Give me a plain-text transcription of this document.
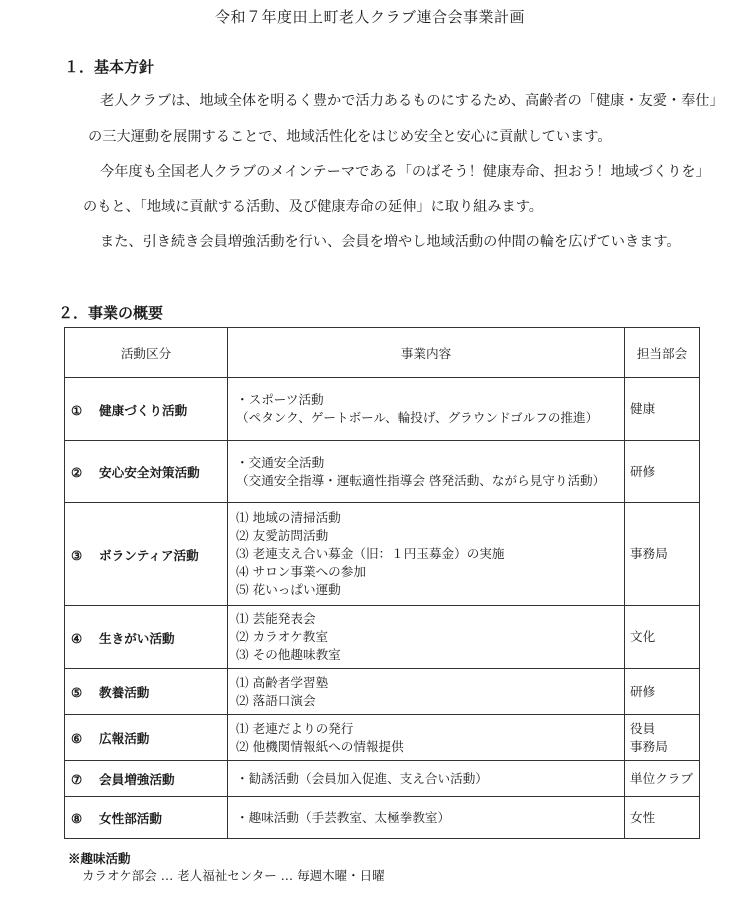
令和７年度田上町老人クラブ連合会事業計画
１．基本方針
老人クラブは、地域全体を明るく豊かで活力あるものにするため、高齢者の「健康・友愛・奉仕」
の三大運動を展開することで、地域活性化をはじめ安全と安心に貢献しています。
今年度も全国老人クラブのメインテーマである「のばそう！健康寿命、担おう！地域づくりを」
のもと、「地域に貢献する活動、及び健康寿命の延伸」に取り組みます。
また、引き続き会員増強活動を行い、会員を増やし地域活動の仲間の輪を広げていきます。
２．事業の概要
活動区分	事業内容	担当部会
① 健康づくり活動	・スポーツ活動
（ペタンク、ゲートボール、輪投げ、グラウンドゴルフの推進）	健康

② 安心安全対策活動	・交通安全活動
（交通安全指導・運転適性指導会 啓発活動、ながら見守り活動）	研修

③ ボランティア活動	⑴ 地域の清掃活動
⑵ 友愛訪問活動
⑶ 老連支え合い募金（旧：１円玉募金）の実施
⑷ サロン事業への参加
⑸ 花いっぱい運動	事務局

④ 生きがい活動	⑴ 芸能発表会
⑵ カラオケ教室
⑶ その他趣味教室	文化

⑤ 教養活動	⑴ 高齢者学習塾
⑵ 落語口演会	研修

⑥ 広報活動	⑴ 老連だよりの発行
⑵ 他機関情報紙への情報提供	役員
事務局

⑦ 会員増強活動	・勧誘活動（会員加入促進、支え合い活動）	単位クラブ

⑧ 女性部活動	・趣味活動（手芸教室、太極拳教室）	女性
※趣味活動
カラオケ部会 … 老人福祉センター … 毎週木曜・日曜
